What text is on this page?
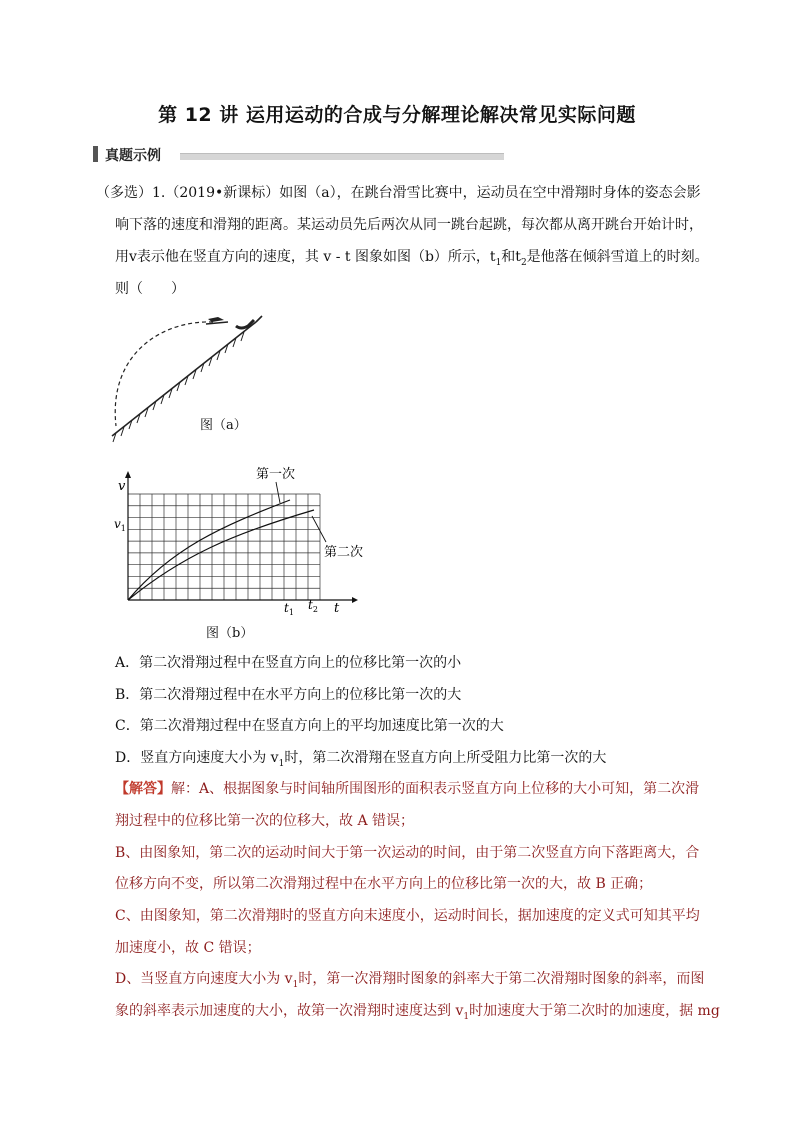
第 12 讲 运用运动的合成与分解理论解决常见实际问题
真题示例
（多选）1.（2019•新课标）如图（a），在跳台滑雪比赛中，运动员在空中滑翔时身体的姿态会影
响下落的速度和滑翔的距离。某运动员先后两次从同一跳台起跳，每次都从离开跳台开始计时，
用v表示他在竖直方向的速度，其 v - t 图象如图（b）所示，$t_1$和$t_2$是他落在倾斜雪道上的时刻。
则（　　）
图（a）
v
$v_1$
$t_1$
$t_2$ t
第一次
第二次
图（b）
A．第二次滑翔过程中在竖直方向上的位移比第一次的小
B．第二次滑翔过程中在水平方向上的位移比第一次的大
C．第二次滑翔过程中在竖直方向上的平均加速度比第一次的大
D．竖直方向速度大小为 $v_1$时，第二次滑翔在竖直方向上所受阻力比第一次的大
【解答】解：A、根据图象与时间轴所围图形的面积表示竖直方向上位移的大小可知，第二次滑
翔过程中的位移比第一次的位移大，故 A 错误；
B、由图象知，第二次的运动时间大于第一次运动的时间，由于第二次竖直方向下落距离大，合
位移方向不变，所以第二次滑翔过程中在水平方向上的位移比第一次的大，故 B 正确；
C、由图象知，第二次滑翔时的竖直方向末速度小，运动时间长，据加速度的定义式可知其平均
加速度小，故 C 错误；
D、当竖直方向速度大小为 $v_1$时，第一次滑翔时图象的斜率大于第二次滑翔时图象的斜率，而图
象的斜率表示加速度的大小，故第一次滑翔时速度达到 $v_1$时加速度大于第二次时的加速度，据 mg
